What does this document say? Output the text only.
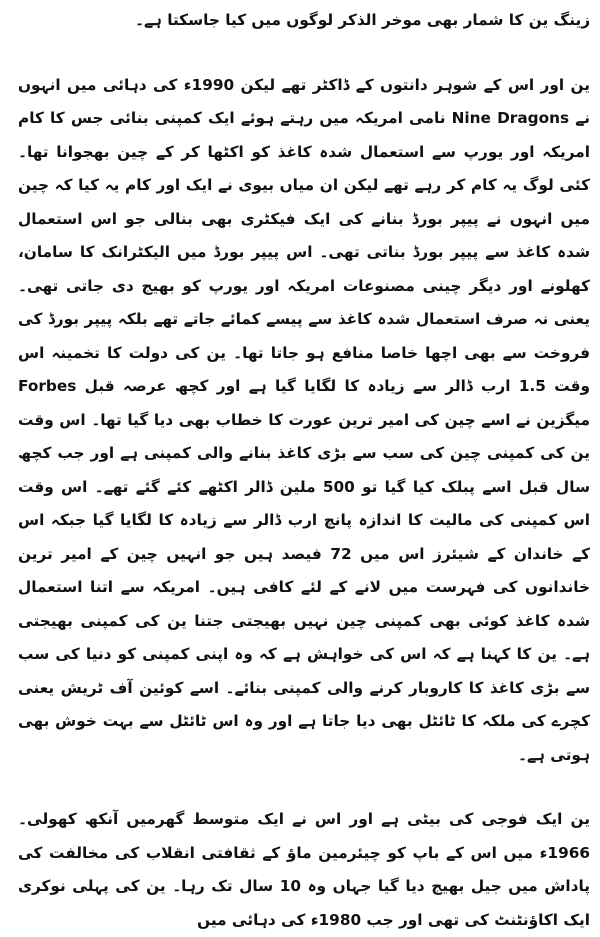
زینگ ین کا شمار بھی موخر الذکر لوگوں میں کیا جاسکتا ہے۔

ین اور اس کے شوہر دانتوں کے ڈاکٹر تھے لیکن 1990ء کی دہائی میں انہوں نے Nine Dragons نامی امریکہ میں رہتے ہوئے ایک کمپنی بنائی جس کا کام امریکہ اور یورپ سے استعمال شدہ کاغذ کو اکٹھا کر کے چین بھجوانا تھا۔ کئی لوگ یہ کام کر رہے تھے لیکن ان میاں بیوی نے ایک اور کام یہ کیا کہ چین میں انہوں نے پیپر بورڈ بنانے کی ایک فیکٹری بھی بنالی جو اس استعمال شدہ کاغذ سے پیپر بورڈ بناتی تھی۔ اس پیپر بورڈ میں الیکٹرانک کا سامان، کھلونے اور دیگر چینی مصنوعات امریکہ اور یورپ کو بھیج دی جاتی تھی۔ یعنی نہ صرف استعمال شدہ کاغذ سے پیسے کمائے جاتے تھے بلکہ پیپر بورڈ کی فروخت سے بھی اچھا خاصا منافع ہو جاتا تھا۔ ین کی دولت کا تخمینہ اس وقت 1.5 ارب ڈالر سے زیادہ کا لگایا گیا ہے اور کچھ عرصہ قبل Forbes میگزین نے اسے چین کی امیر ترین عورت کا خطاب بھی دیا گیا تھا۔ اس وقت ین کی کمپنی چین کی سب سے بڑی کاغذ بنانے والی کمپنی ہے اور جب کچھ سال قبل اسے پبلک کیا گیا تو 500 ملین ڈالر اکٹھے کئے گئے تھے۔ اس وقت اس کمپنی کی مالیت کا اندازہ پانچ ارب ڈالر سے زیادہ کا لگایا گیا جبکہ اس کے خاندان کے شیئرز اس میں 72 فیصد ہیں جو انہیں چین کے امیر ترین خاندانوں کی فہرست میں لانے کے لئے کافی ہیں۔ امریکہ سے اتنا استعمال شدہ کاغذ کوئی بھی کمپنی چین نہیں بھیجتی جتنا ین کی کمپنی بھیجتی ہے۔ ین کا کہنا ہے کہ اس کی خواہش ہے کہ وہ اپنی کمپنی کو دنیا کی سب سے بڑی کاغذ کا کاروبار کرنے والی کمپنی بنائے۔ اسے کوئین آف ٹریش یعنی کچرے کی ملکہ کا ٹائٹل بھی دیا جاتا ہے اور وہ اس ٹائٹل سے بہت خوش بھی ہوتی ہے۔

ین ایک فوجی کی بیٹی ہے اور اس نے ایک متوسط گھرمیں آنکھ کھولی۔ 1966ء میں اس کے باپ کو چیئرمین ماؤ کے ثقافتی انقلاب کی مخالفت کی پاداش میں جیل بھیج دیا گیا جہاں وہ 10 سال تک رہا۔ ین کی پہلی نوکری ایک اکاؤنٹنٹ کی تھی اور جب 1980ء کی دہائی میں
